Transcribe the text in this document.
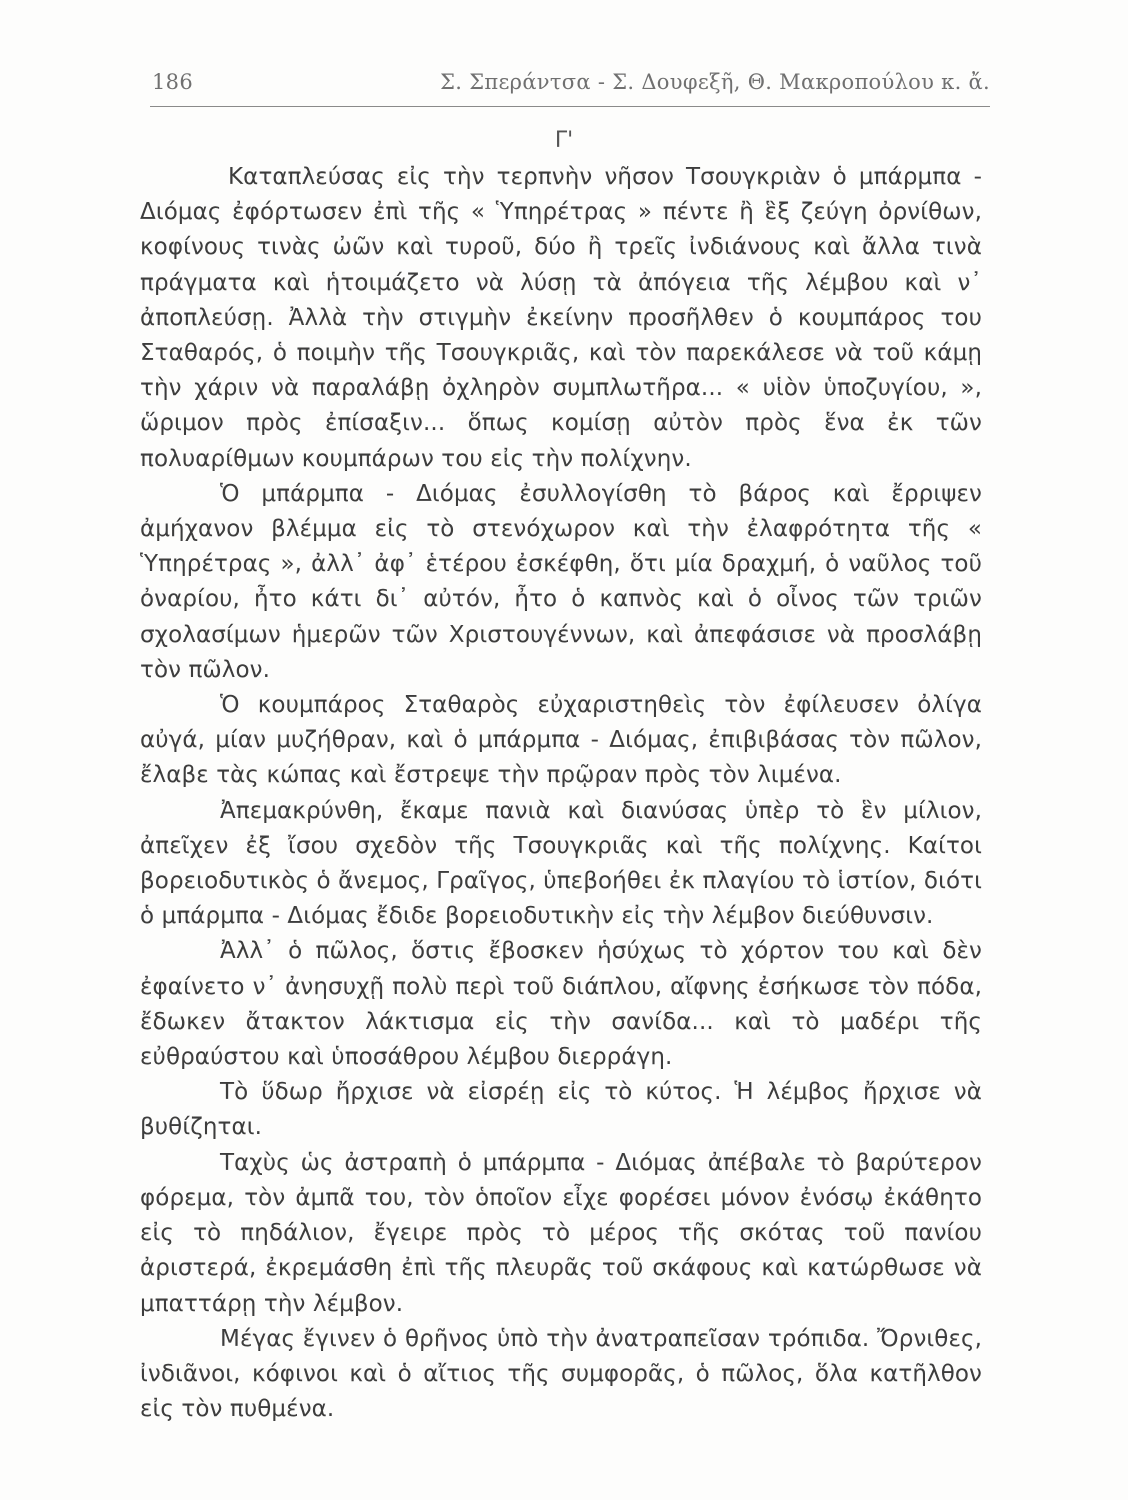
186	Σ. Σπεράντσα - Σ. Δουφεξῆ, Θ. Μακροπούλου κ. ἄ.
Γ'

Καταπλεύσας εἰς τὴν τερπνὴν νῆσον Τσουγκριὰν ὁ μπάρμπα - Διόμας ἐφόρτωσεν ἐπὶ τῆς « Ὑπηρέτρας » πέντε ἢ ἓξ ζεύγη ὀρνίθων, κοφίνους τινὰς ὠῶν καὶ τυροῦ, δύο ἢ τρεῖς ἰνδιάνους καὶ ἄλλα τινὰ πράγματα καὶ ἡτοιμάζετο νὰ λύσῃ τὰ ἀπόγεια τῆς λέμβου καὶ ν᾽ ἀποπλεύσῃ. Ἀλλὰ τὴν στιγμὴν ἐκείνην προσῆλθεν ὁ κουμπάρος του Σταθαρός, ὁ ποιμὴν τῆς Τσουγκριᾶς, καὶ τὸν παρεκάλεσε νὰ τοῦ κάμῃ τὴν χάριν νὰ παραλάβῃ ὀχληρὸν συμπλωτῆρα... « υἱὸν ὑποζυγίου, », ὥριμον πρὸς ἐπίσαξιν... ὅπως κομίσῃ αὐτὸν πρὸς ἕνα ἐκ τῶν πολυαρίθμων κουμπάρων του εἰς τὴν πολίχνην.

Ὁ μπάρμπα - Διόμας ἐσυλλογίσθη τὸ βάρος καὶ ἔρριψεν ἀμήχανον βλέμμα εἰς τὸ στενόχωρον καὶ τὴν ἐλαφρότητα τῆς « Ὑπηρέτρας », ἀλλ᾽ ἀφ᾽ ἑτέρου ἐσκέφθη, ὅτι μία δραχμή, ὁ ναῦλος τοῦ ὀναρίου, ἦτο κάτι δι᾽ αὐτόν, ἦτο ὁ καπνὸς καὶ ὁ οἶνος τῶν τριῶν σχολασίμων ἡμερῶν τῶν Χριστουγέννων, καὶ ἀπεφάσισε νὰ προσλάβῃ τὸν πῶλον.

Ὁ κουμπάρος Σταθαρὸς εὐχαριστηθεὶς τὸν ἐφίλευσεν ὀλίγα αὐγά, μίαν μυζήθραν, καὶ ὁ μπάρμπα - Διόμας, ἐπιβιβάσας τὸν πῶλον, ἔλαβε τὰς κώπας καὶ ἔστρεψε τὴν πρῷραν πρὸς τὸν λιμένα.

Ἀπεμακρύνθη, ἔκαμε πανιὰ καὶ διανύσας ὑπὲρ τὸ ἓν μίλιον, ἀπεῖχεν ἐξ ἴσου σχεδὸν τῆς Τσουγκριᾶς καὶ τῆς πολίχνης. Καίτοι βορειοδυτικὸς ὁ ἄνεμος, Γραῖγος, ὑπεβοήθει ἐκ πλαγίου τὸ ἱστίον, διότι ὁ μπάρμπα - Διόμας ἔδιδε βορειοδυτικὴν εἰς τὴν λέμβον διεύθυνσιν.

Ἀλλ᾽ ὁ πῶλος, ὅστις ἔβοσκεν ἡσύχως τὸ χόρτον του καὶ δὲν ἐφαίνετο ν᾽ ἀνησυχῇ πολὺ περὶ τοῦ διάπλου, αἴφνης ἐσήκωσε τὸν πόδα, ἔδωκεν ἄτακτον λάκτισμα εἰς τὴν σανίδα... καὶ τὸ μαδέρι τῆς εὐθραύστου καὶ ὑποσάθρου λέμβου διερράγη.

Τὸ ὕδωρ ἤρχισε νὰ εἰσρέῃ εἰς τὸ κύτος. Ἡ λέμβος ἤρχισε νὰ βυθίζηται.

Ταχὺς ὡς ἀστραπὴ ὁ μπάρμπα - Διόμας ἀπέβαλε τὸ βαρύτερον φόρεμα, τὸν ἀμπᾶ του, τὸν ὁποῖον εἶχε φορέσει μόνον ἐνόσῳ ἐκάθητο εἰς τὸ πηδάλιον, ἔγειρε πρὸς τὸ μέρος τῆς σκότας τοῦ πανίου ἀριστερά, ἐκρεμάσθη ἐπὶ τῆς πλευρᾶς τοῦ σκάφους καὶ κατώρθωσε νὰ μπαττάρῃ τὴν λέμβον.

Μέγας ἔγινεν ὁ θρῆνος ὑπὸ τὴν ἀνατραπεῖσαν τρόπιδα. Ὄρνιθες, ἰνδιᾶνοι, κόφινοι καὶ ὁ αἴτιος τῆς συμφορᾶς, ὁ πῶλος, ὅλα κατῆλθον εἰς τὸν πυθμένα.
